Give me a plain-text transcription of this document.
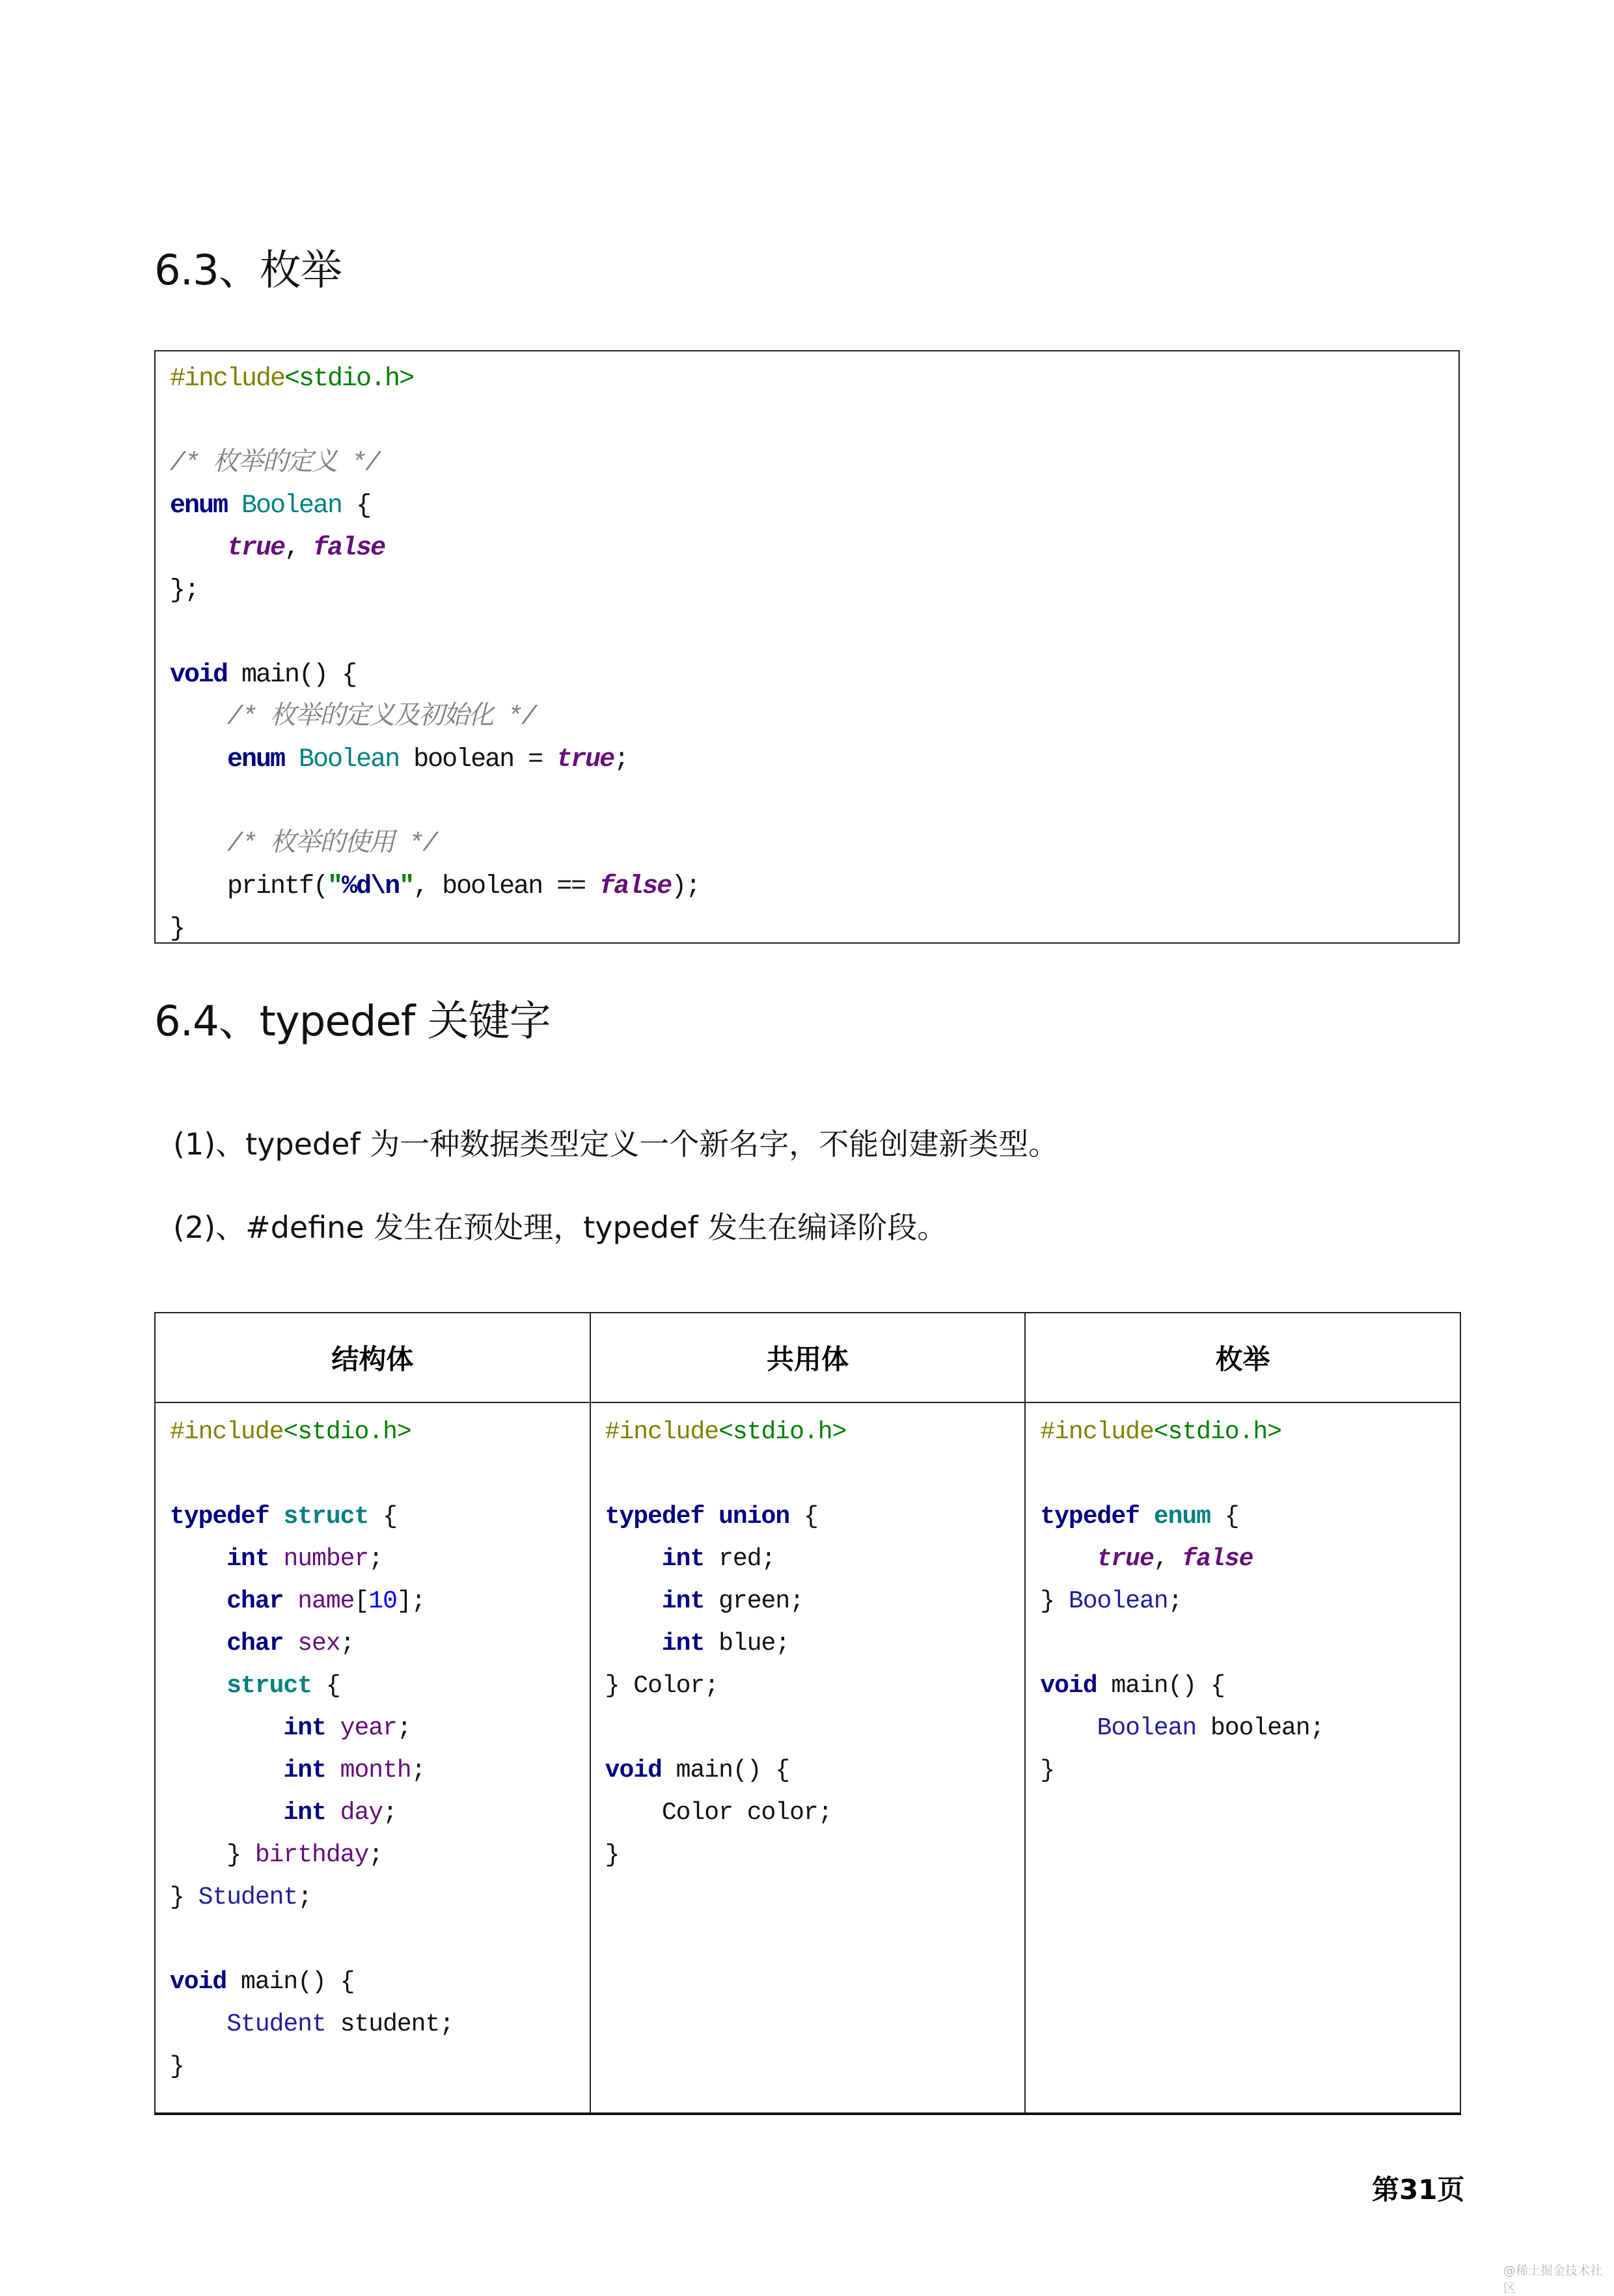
6.3、枚举
#include<stdio.h>
/* 枚举的定义 */
enum Boolean {
true, false
};
void main() {
/* 枚举的定义及初始化 */
enum Boolean boolean = true;
/* 枚举的使用 */
printf("%d\n", boolean == false);
}
6.4、typedef 关键字

(1)、typedef 为一种数据类型定义一个新名字，不能创建新类型。

(2)、#define 发生在预处理，typedef 发生在编译阶段。

结构体	共用体	枚举

#include<stdio.h>
typedef struct {
int number;
char name[10];
char sex;
struct {
int year;
int month;
int day;
} birthday;
} Student;
void main() {
Student student;
}

#include<stdio.h>
typedef union {
int red;
int green;
int blue;
} Color;
void main() {
Color color;
}

#include<stdio.h>
typedef enum {
true, false
} Boolean;
void main() {
Boolean boolean;
}
第31页
@稀土掘金技术社区
